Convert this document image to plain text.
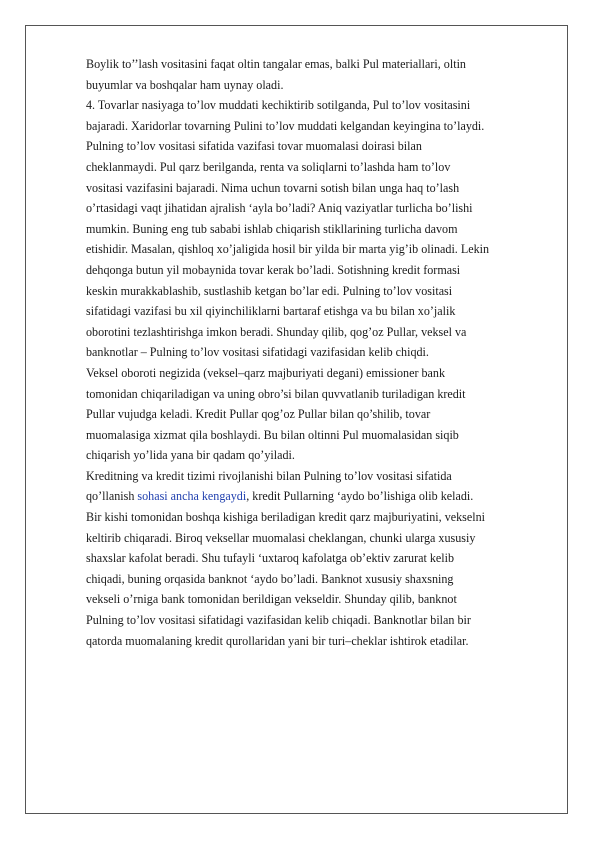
Boylik to’’lash vositasini faqat oltin tangalar emas, balki Pul materiallari, oltin
buyumlar va boshqalar ham uynay oladi.
4. Tovarlar nasiyaga to’lov muddati kechiktirib sotilganda, Pul to’lov vositasini
bajaradi. Xaridorlar tovarning Pulini to’lov muddati kelgandan keyingina to’laydi.
Pulning to’lov vositasi sifatida vazifasi tovar muomalasi doirasi bilan
cheklanmaydi. Pul qarz berilganda, renta va soliqlarni to’lashda ham to’lov
vositasi vazifasini bajaradi. Nima uchun tovarni sotish bilan unga haq to’lash
o’rtasidagi vaqt jihatidan ajralish ‘ayla bo’ladi? Aniq vaziyatlar turlicha bo’lishi
mumkin. Buning eng tub sababi ishlab chiqarish stikllarining turlicha davom
etishidir. Masalan, qishloq xo’jaligida hosil bir yilda bir marta yig’ib olinadi. Lekin
dehqonga butun yil mobaynida tovar kerak bo’ladi. Sotishning kredit formasi
keskin murakkablashib, sustlashib ketgan bo’lar edi. Pulning to’lov vositasi
sifatidagi vazifasi bu xil qiyinchiliklarni bartaraf etishga va bu bilan xo’jalik
oborotini tezlashtirishga imkon beradi. Shunday qilib, qog’oz Pullar, veksel va
banknotlar – Pulning to’lov vositasi sifatidagi vazifasidan kelib chiqdi.
Veksel oboroti negizida (veksel–qarz majburiyati degani) emissioner bank
tomonidan chiqariladigan va uning obro’si bilan quvvatlanib turiladigan kredit
Pullar vujudga keladi. Kredit Pullar qog’oz Pullar bilan qo’shilib, tovar
muomalasiga xizmat qila boshlaydi. Bu bilan oltinni Pul muomalasidan siqib
chiqarish yo’lida yana bir qadam qo’yiladi.
Kreditning va kredit tizimi rivojlanishi bilan Pulning to’lov vositasi sifatida
qo’llanish sohasi ancha kengaydi, kredit Pullarning ‘aydo bo’lishiga olib keladi.
Bir kishi tomonidan boshqa kishiga beriladigan kredit qarz majburiyatini, vekselni
keltirib chiqaradi. Biroq veksellar muomalasi cheklangan, chunki ularga xususiy
shaxslar kafolat beradi. Shu tufayli ‘uxtaroq kafolatga ob’ektiv zarurat kelib
chiqadi, buning orqasida banknot ‘aydo bo’ladi. Banknot xususiy shaxsning
vekseli o’rniga bank tomonidan berildigan vekseldir. Shunday qilib, banknot
Pulning to’lov vositasi sifatidagi vazifasidan kelib chiqadi. Banknotlar bilan bir
qatorda muomalaning kredit qurollaridan yani bir turi–cheklar ishtirok etadilar.
